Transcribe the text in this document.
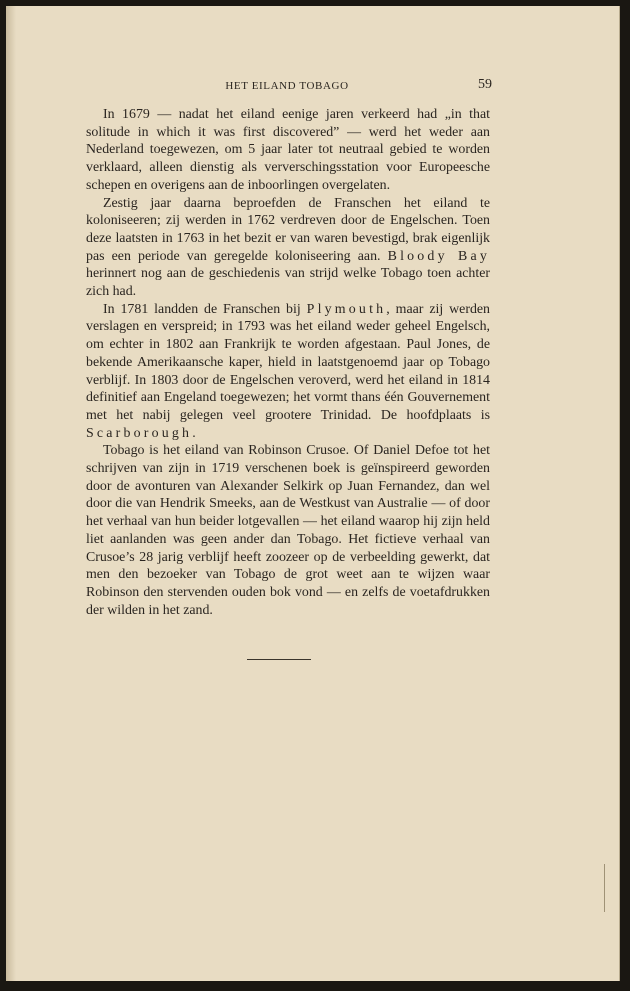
HET EILAND TOBAGO	59

In 1679 — nadat het eiland eenige jaren verkeerd had „in that solitude in which it was first discovered” — werd het weder aan Nederland toegewezen, om 5 jaar later tot neutraal gebied te worden verklaard, alleen dienstig als ververschingsstation voor Europeesche schepen en overigens aan de inboorlingen overgelaten.

Zestig jaar daarna beproefden de Franschen het eiland te koloniseeren; zij werden in 1762 verdreven door de Engelschen. Toen deze laatsten in 1763 in het bezit er van waren bevestigd, brak eigenlijk pas een periode van geregelde koloniseering aan. Bloody Bay herinnert nog aan de geschiedenis van strijd welke Tobago toen achter zich had.

In 1781 landden de Franschen bij Plymouth, maar zij werden verslagen en verspreid; in 1793 was het eiland weder geheel Engelsch, om echter in 1802 aan Frankrijk te worden afgestaan. Paul Jones, de bekende Amerikaansche kaper, hield in laatstgenoemd jaar op Tobago verblijf. In 1803 door de Engelschen veroverd, werd het eiland in 1814 definitief aan Engeland toegewezen; het vormt thans één Gouvernement met het nabij gelegen veel grootere Trinidad. De hoofdplaats is Scarborough.

Tobago is het eiland van Robinson Crusoe. Of Daniel Defoe tot het schrijven van zijn in 1719 verschenen boek is geïnspireerd geworden door de avonturen van Alexander Selkirk op Juan Fernandez, dan wel door die van Hendrik Smeeks, aan de Westkust van Australie — of door het verhaal van hun beider lotgevallen — het eiland waarop hij zijn held liet aanlanden was geen ander dan Tobago. Het fictieve verhaal van Crusoe’s 28 jarig verblijf heeft zoozeer op de verbeelding gewerkt, dat men den bezoeker van Tobago de grot weet aan te wijzen waar Robinson den stervenden ouden bok vond — en zelfs de voetafdrukken der wilden in het zand.
